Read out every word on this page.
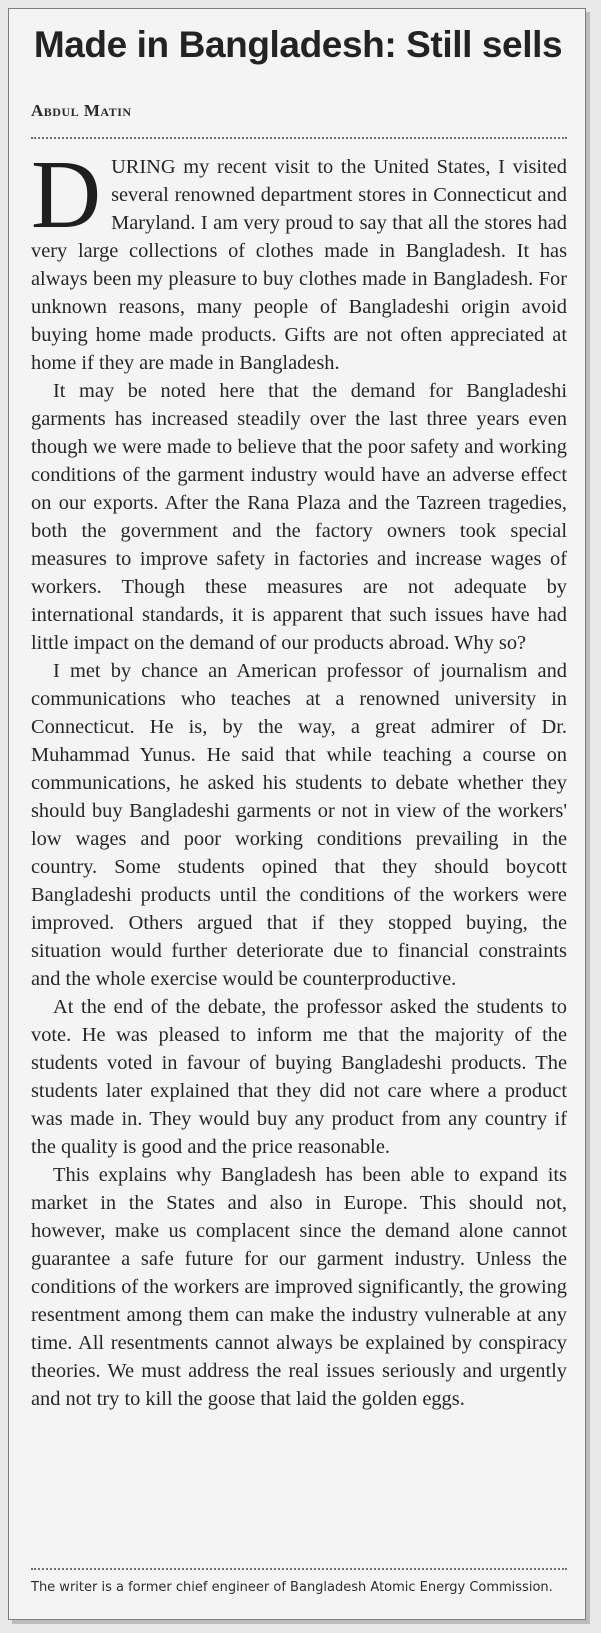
Made in Bangladesh: Still sells
Abdul Matin

DURING my recent visit to the United States, I visited several renowned department stores in Connecticut and Maryland. I am very proud to say that all the stores had very large collections of clothes made in Bangladesh. It has always been my pleasure to buy clothes made in Bangladesh. For unknown reasons, many people of Bangladeshi origin avoid buying home made products. Gifts are not often appreciated at home if they are made in Bangladesh.

It may be noted here that the demand for Bangladeshi garments has increased steadily over the last three years even though we were made to believe that the poor safety and working conditions of the garment industry would have an adverse effect on our exports. After the Rana Plaza and the Tazreen tragedies, both the government and the factory owners took special measures to improve safety in factories and increase wages of workers. Though these measures are not adequate by international standards, it is apparent that such issues have had little impact on the demand of our products abroad. Why so?

I met by chance an American professor of journalism and communications who teaches at a renowned university in Connecticut. He is, by the way, a great admirer of Dr. Muhammad Yunus. He said that while teaching a course on communications, he asked his students to debate whether they should buy Bangladeshi garments or not in view of the workers' low wages and poor working conditions prevailing in the country. Some students opined that they should boycott Bangladeshi products until the conditions of the workers were improved. Others argued that if they stopped buying, the situation would further deteriorate due to financial constraints and the whole exercise would be counterproductive.

At the end of the debate, the professor asked the students to vote. He was pleased to inform me that the majority of the students voted in favour of buying Bangladeshi products. The students later explained that they did not care where a product was made in. They would buy any product from any country if the quality is good and the price reasonable.

This explains why Bangladesh has been able to expand its market in the States and also in Europe. This should not, however, make us complacent since the demand alone cannot guarantee a safe future for our garment industry. Unless the conditions of the workers are improved significantly, the growing resentment among them can make the industry vulnerable at any time. All resentments cannot always be explained by conspiracy theories. We must address the real issues seriously and urgently and not try to kill the goose that laid the golden eggs.

The writer is a former chief engineer of Bangladesh Atomic Energy Commission.
